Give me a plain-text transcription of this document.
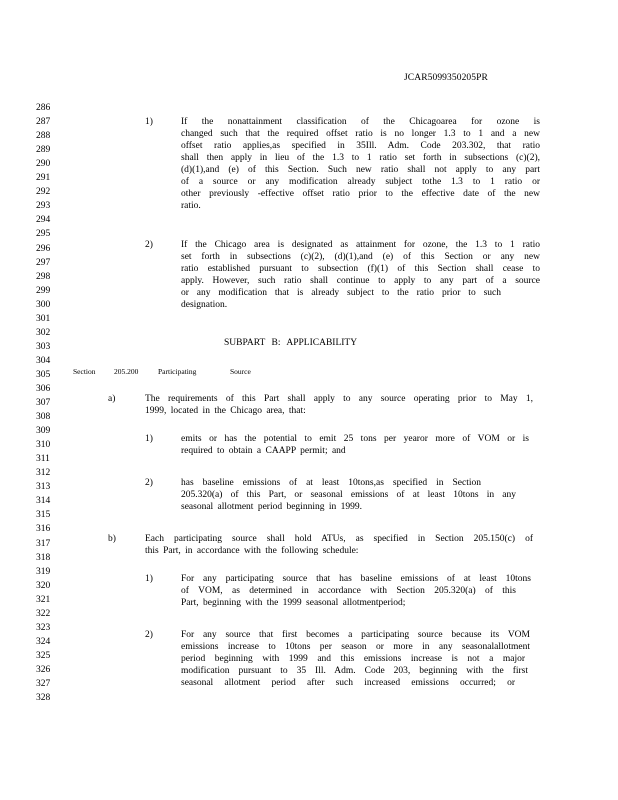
JCAR5099350205PR
286
287
288
289
290
291
292
293
294
295
296
297
298
299
300
301
302
303
304
305
306
307
308
309
310
311
312
313
314
315
316
317
318
319
320
321
322
323
324
325
326
327
328
1)	If the nonattainment classification of the Chicagoarea for ozone is
changed such that the required offset ratio is no longer 1.3 to 1 and a new
offset ratio applies,as specified in 35Ill. Adm. Code 203.302, that ratio
shall then apply in lieu of the 1.3 to 1 ratio set forth in subsections (c)(2),
(d)(1),and (e) of this Section. Such new ratio shall not apply to any part
of a source or any modification already subject tothe 1.3 to 1 ratio or
other previously -effective offset ratio prior to the effective date of the new
ratio.
2)	If the Chicago area is designated as attainment for ozone, the 1.3 to 1 ratio
set forth in subsections (c)(2), (d)(1),and (e) of this Section or any new
ratio established pursuant to subsection (f)(1) of this Section shall cease to
apply. However, such ratio shall continue to apply to any part of a source
or any modification that is already subject to the ratio prior to such
designation.
SUBPART B: APPLICABILITY
Section 205.200	Participating	Source
a)	The requirements of this Part shall apply to any source operating prior to May 1,
1999, located in the Chicago area, that:
1)	emits or has the potential to emit 25 tons per yearor more of VOM or is
required to obtain a CAAPP permit; and
2)	has baseline emissions of at least 10tons,as specified in Section
205.320(a) of this Part, or seasonal emissions of at least 10tons in any
seasonal allotment period beginning in 1999.
b)	Each participating source shall hold ATUs, as specified in Section 205.150(c) of
this Part, in accordance with the following schedule:
1)	For any participating source that has baseline emissions of at least 10tons
of VOM, as determined in accordance with Section 205.320(a) of this
Part, beginning with the 1999 seasonal allotmentperiod;
2)	For any source that first becomes a participating source because its VOM
emissions increase to 10tons per season or more in any seasonalallotment
period beginning with 1999 and this emissions increase is not a major
modification pursuant to 35 Ill. Adm. Code 203, beginning with the first
seasonal allotment period after such increased emissions occurred; or
